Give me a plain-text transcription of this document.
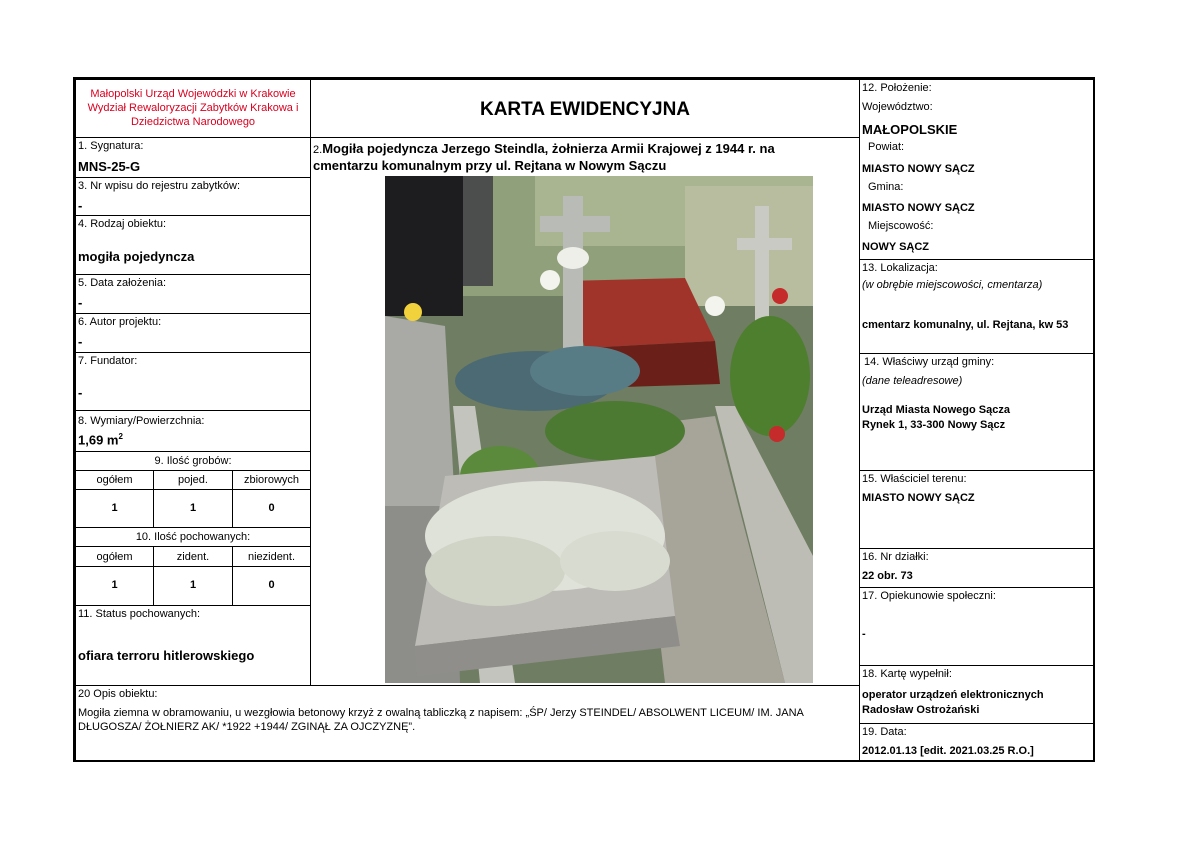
Małopolski Urząd Wojewódzki w Krakowie
Wydział Rewaloryzacji Zabytków Krakowa i
Dziedzictwa Narodowego
KARTA EWIDENCYJNA
1. Sygnatura:
MNS-25-G
3. Nr wpisu do rejestru zabytków:
-
4. Rodzaj obiektu:
mogiła pojedyncza
5. Data założenia:
-
6. Autor projektu:
-
7. Fundator:
-
8. Wymiary/Powierzchnia:
1,69 $m^2$
9. Ilość grobów:
ogółem	pojed.	zbiorowych
1	1	0
10. Ilość pochowanych:
ogółem	zident.	niezident.
1	1	0
11. Status pochowanych:
ofiara terroru hitlerowskiego
2.Mogiła pojedyncza Jerzego Steindla, żołnierza Armii Krajowej z 1944 r. na
cmentarzu komunalnym przy ul. Rejtana w Nowym Sączu
12. Położenie:
Województwo:
MAŁOPOLSKIE
Powiat:
MIASTO NOWY SĄCZ
Gmina:
MIASTO NOWY SĄCZ
Miejscowość:
NOWY SĄCZ
13. Lokalizacja:
(w obrębie miejscowości, cmentarza)
cmentarz komunalny, ul. Rejtana, kw 53
14. Właściwy urząd gminy:
(dane teleadresowe)
Urząd Miasta Nowego Sącza
Rynek 1, 33-300 Nowy Sącz
15. Właściciel terenu:
MIASTO NOWY SĄCZ
16. Nr działki:
22 obr. 73
17. Opiekunowie społeczni:
-
18. Kartę wypełnił:
operator urządzeń elektronicznych
Radosław Ostrożański
19. Data:
2012.01.13 [edit. 2021.03.25 R.O.]
20 Opis obiektu:
Mogiła ziemna w obramowaniu, u wezgłowia betonowy krzyż z owalną tabliczką z napisem: „ŚP/ Jerzy STEINDEL/ ABSOLWENT LICEUM/ IM. JANA
DŁUGOSZA/ ŻOŁNIERZ AK/ *1922 +1944/ ZGINĄŁ ZA OJCZYZNĘ”.
